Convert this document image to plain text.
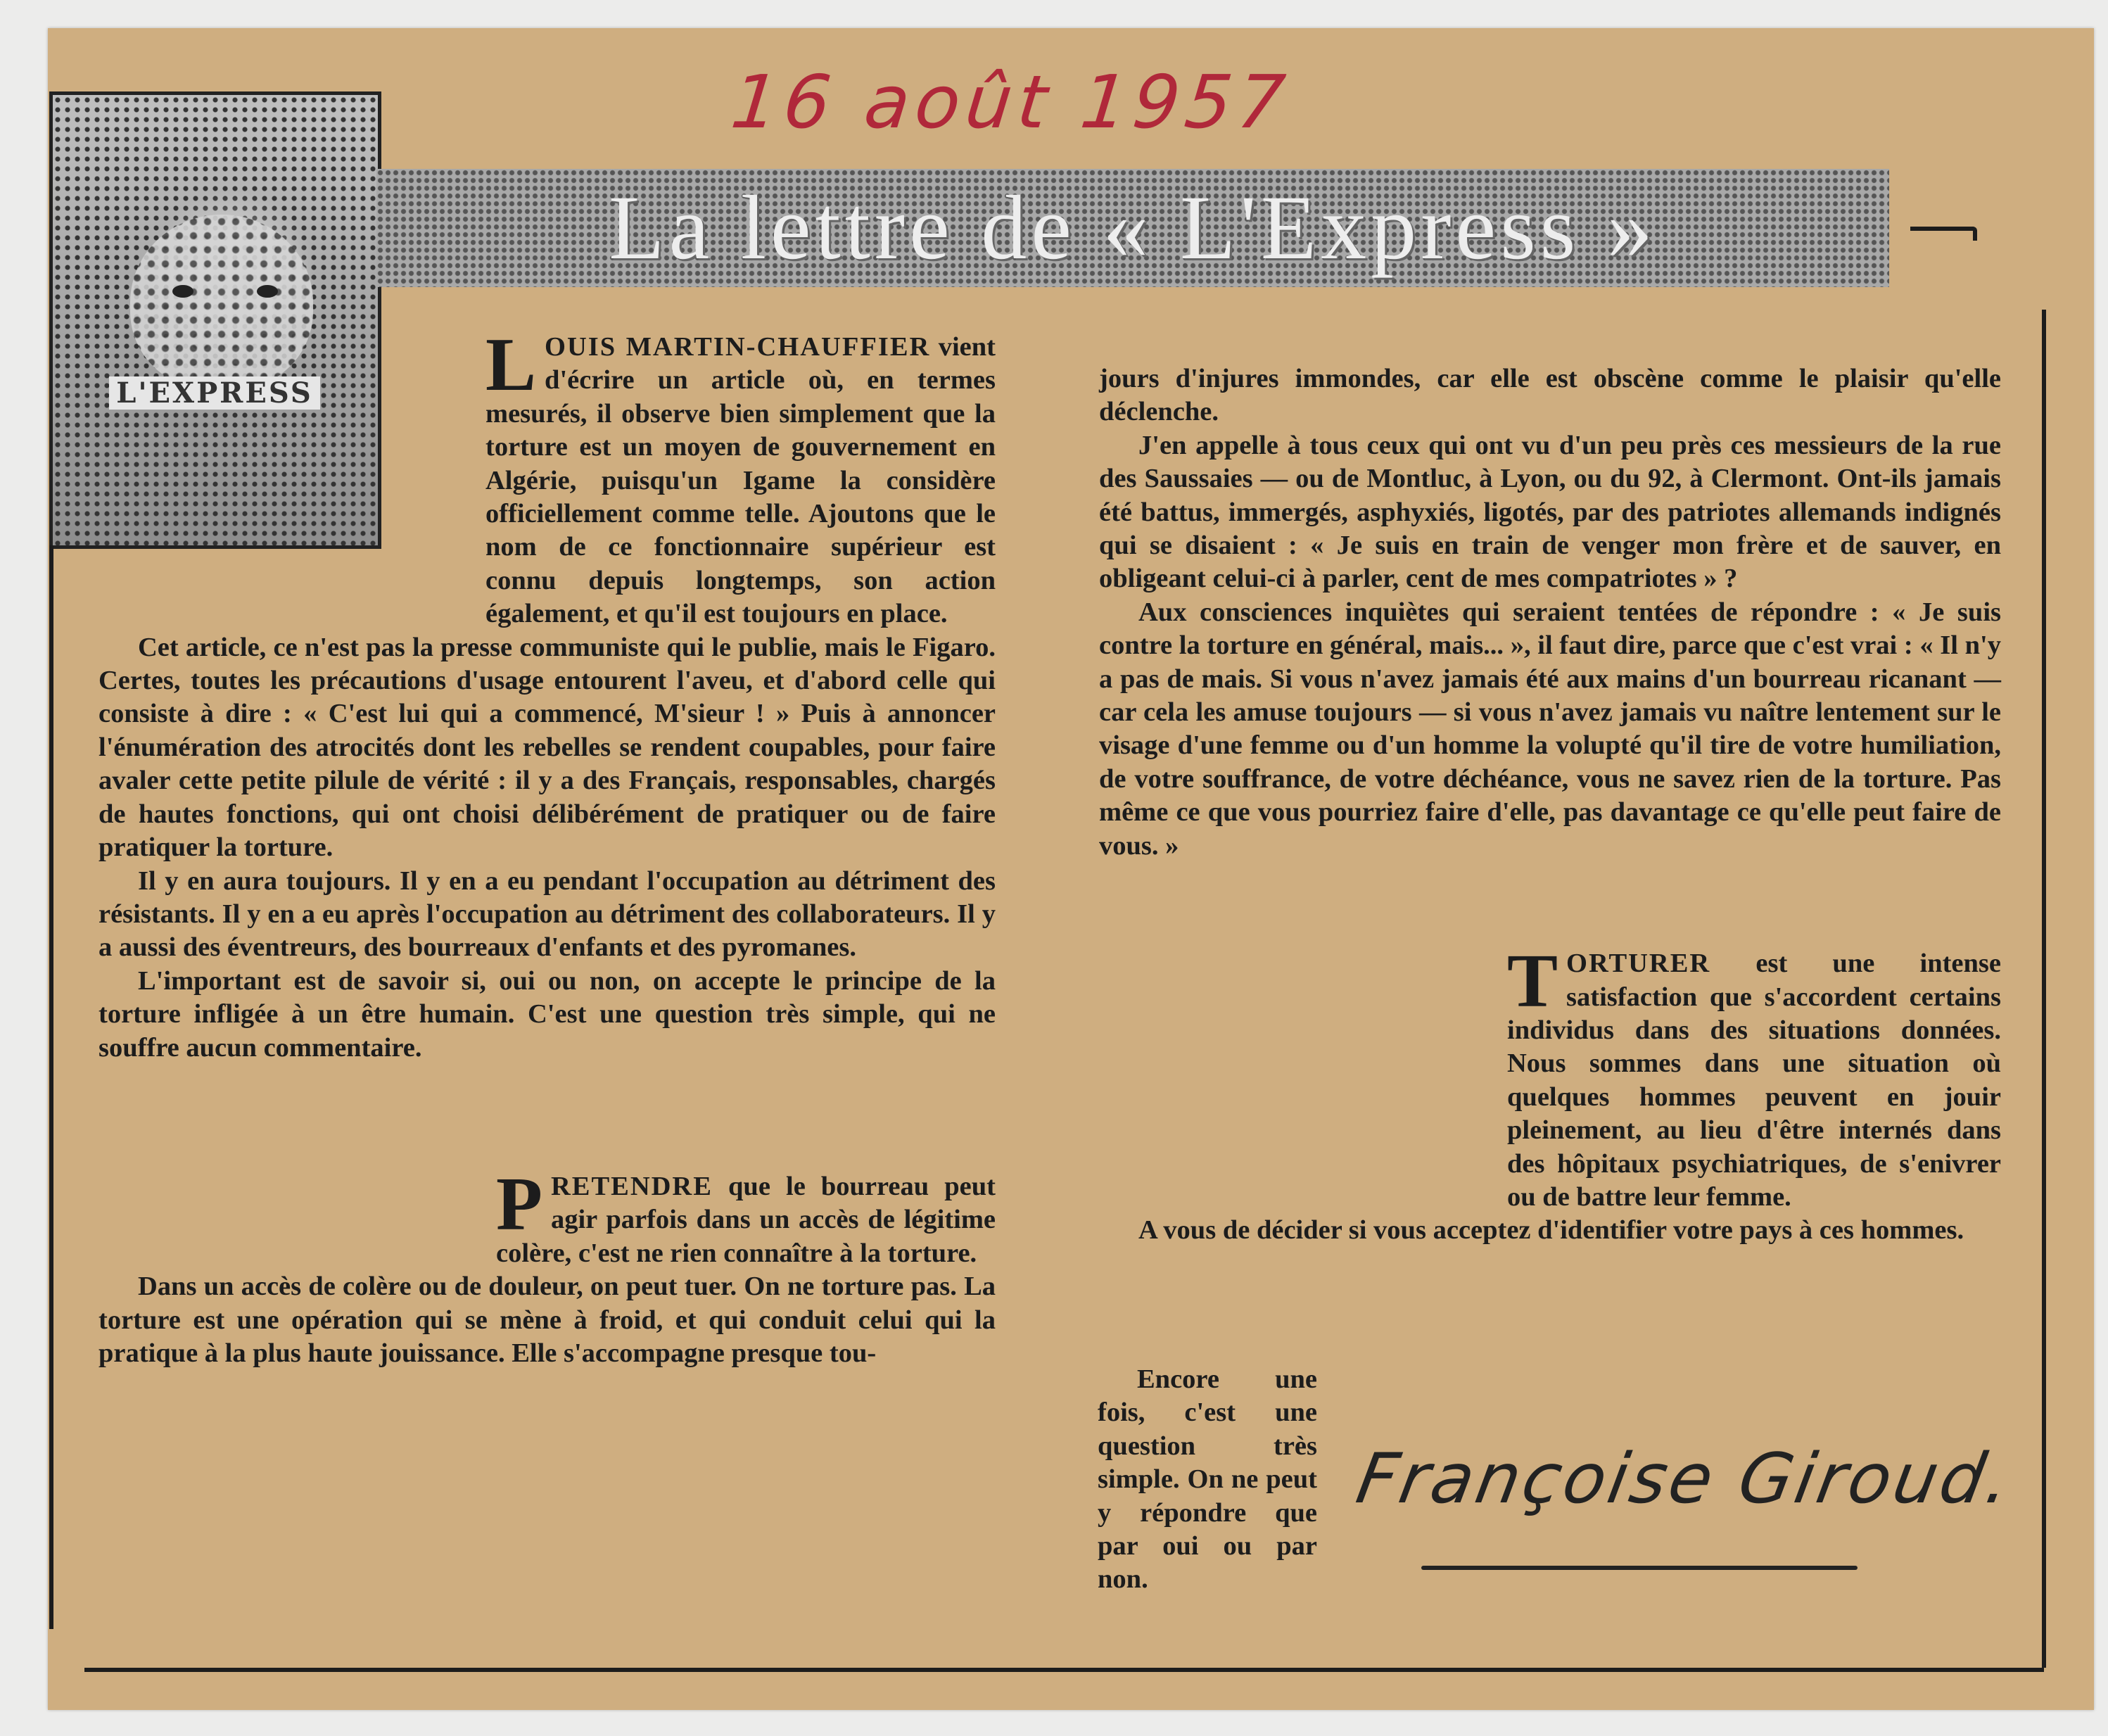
16 août 1957
L'EXPRESS
La lettre de « L'Express »

LOUIS MARTIN-CHAUFFIER vient d'écrire un article où, en termes mesurés, il observe bien simplement que la torture est un moyen de gouvernement en Algérie, puisqu'un Igame la considère officiellement comme telle. Ajoutons que le nom de ce fonctionnaire supérieur est connu depuis longtemps, son action également, et qu'il est toujours en place.

Cet article, ce n'est pas la presse communiste qui le publie, mais le Figaro. Certes, toutes les précautions d'usage entourent l'aveu, et d'abord celle qui consiste à dire : « C'est lui qui a commencé, M'sieur ! » Puis à annoncer l'énumération des atrocités dont les rebelles se rendent coupables, pour faire avaler cette petite pilule de vérité : il y a des Français, responsables, chargés de hautes fonctions, qui ont choisi délibérément de pratiquer ou de faire pratiquer la torture.

Il y en aura toujours. Il y en a eu pendant l'occupation au détriment des résistants. Il y en a eu après l'occupation au détriment des collaborateurs. Il y a aussi des éventreurs, des bourreaux d'enfants et des pyromanes.

L'important est de savoir si, oui ou non, on accepte le principe de la torture infligée à un être humain. C'est une question très simple, qui ne souffre aucun commentaire.

PRETENDRE que le bourreau peut agir parfois dans un accès de légitime colère, c'est ne rien connaître à la torture.

Dans un accès de colère ou de douleur, on peut tuer. On ne torture pas. La torture est une opération qui se mène à froid, et qui conduit celui qui la pratique à la plus haute jouissance. Elle s'accompagne presque tou-

jours d'injures immondes, car elle est obscène comme le plaisir qu'elle déclenche.

J'en appelle à tous ceux qui ont vu d'un peu près ces messieurs de la rue des Saussaies — ou de Montluc, à Lyon, ou du 92, à Clermont. Ont-ils jamais été battus, immergés, asphyxiés, ligotés, par des patriotes allemands indignés qui se disaient : « Je suis en train de venger mon frère et de sauver, en obligeant celui-ci à parler, cent de mes compatriotes » ?

Aux consciences inquiètes qui seraient tentées de répondre : « Je suis contre la torture en général, mais... », il faut dire, parce que c'est vrai : « Il n'y a pas de mais. Si vous n'avez jamais été aux mains d'un bourreau ricanant — car cela les amuse toujours — si vous n'avez jamais vu naître lentement sur le visage d'une femme ou d'un homme la volupté qu'il tire de votre humiliation, de votre souffrance, de votre déchéance, vous ne savez rien de la torture. Pas même ce que vous pourriez faire d'elle, pas davantage ce qu'elle peut faire de vous. »

TORTURER est une intense satisfaction que s'accordent certains individus dans des situations données. Nous sommes dans une situation où quelques hommes peuvent en jouir pleinement, au lieu d'être internés dans des hôpitaux psychiatriques, de s'enivrer ou de battre leur femme.

A vous de décider si vous acceptez d'identifier votre pays à ces hommes.

Encore une fois, c'est une question très simple. On ne peut y répondre que par oui ou par non.

Françoise Giroud.
